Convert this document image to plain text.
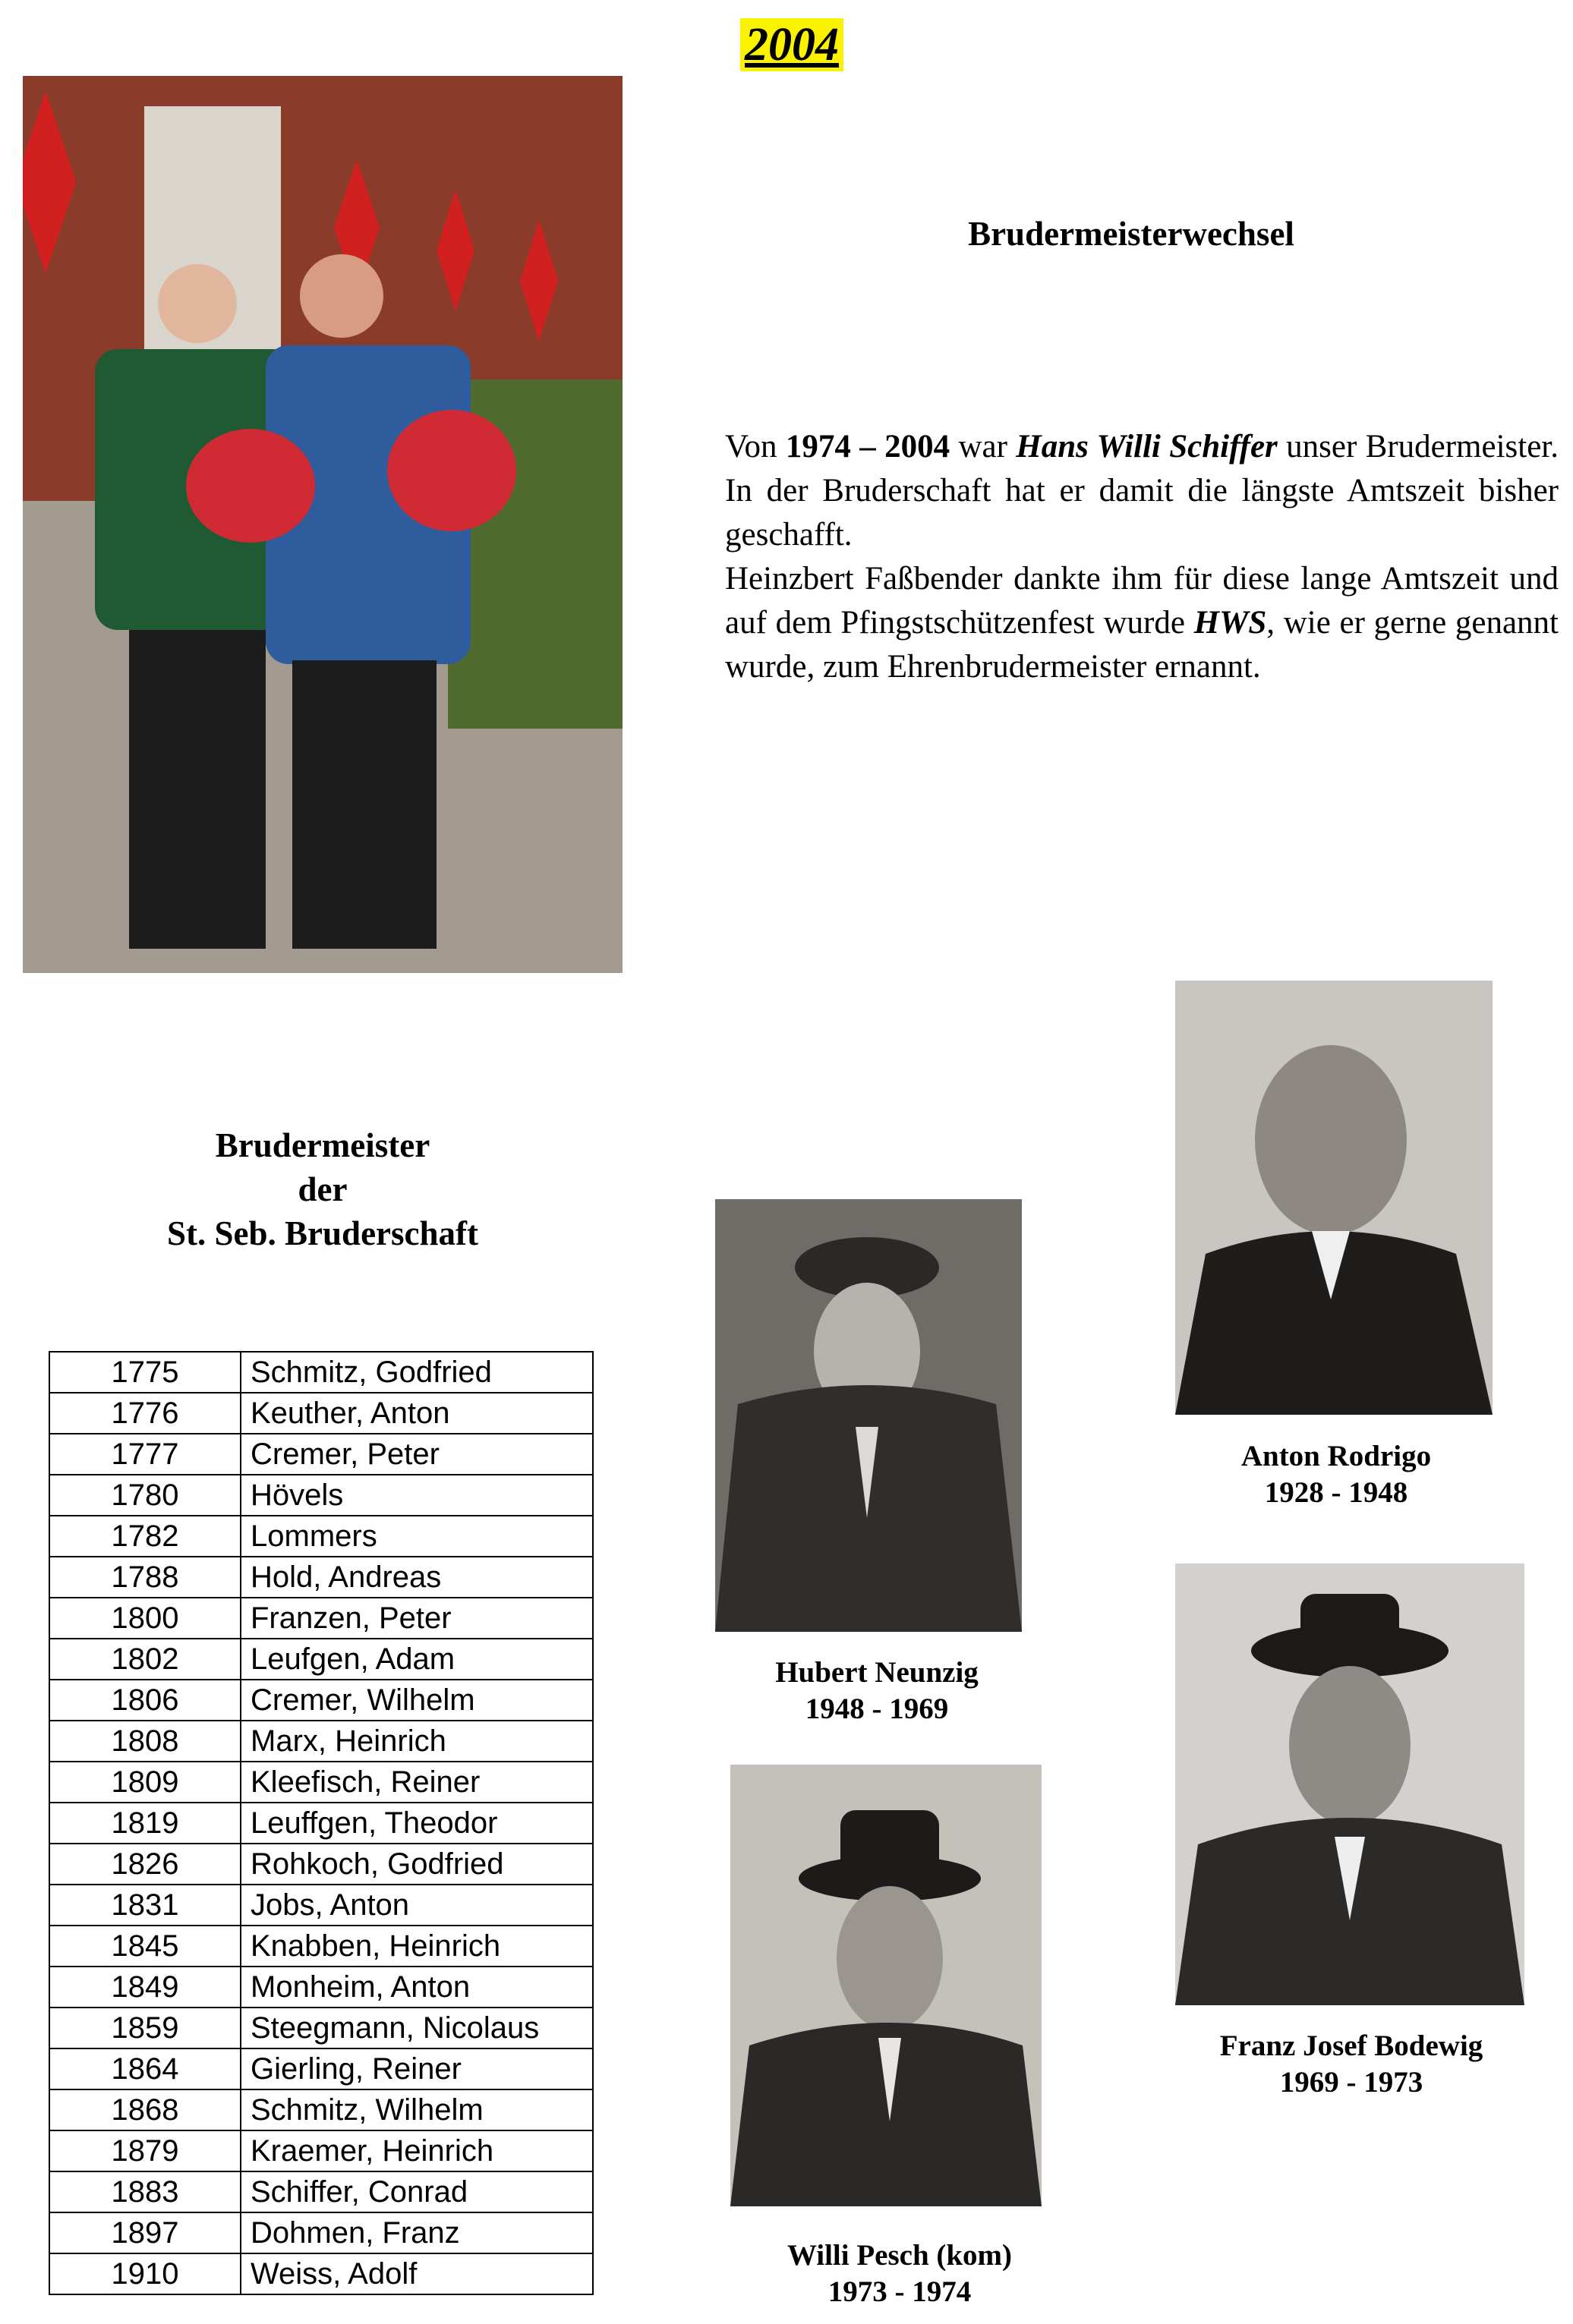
2004
Brudermeisterwechsel

Von 1974 – 2004 war Hans Willi Schiffer unser Brudermeister. In der Bruderschaft hat er damit die längste Amtszeit bisher geschafft.

Heinzbert Faßbender dankte ihm für diese lange Amtszeit und auf dem Pfingstschützenfest wurde HWS, wie er gerne genannt wurde, zum Ehrenbrudermeister ernannt.

Brudermeister
der
St. Seb. Bruderschaft
1775	Schmitz, Godfried
1776	Keuther, Anton
1777	Cremer, Peter
1780	Hövels
1782	Lommers
1788	Hold, Andreas
1800	Franzen, Peter
1802	Leufgen, Adam
1806	Cremer, Wilhelm
1808	Marx, Heinrich
1809	Kleefisch, Reiner
1819	Leuffgen, Theodor
1826	Rohkoch, Godfried
1831	Jobs, Anton
1845	Knabben, Heinrich
1849	Monheim, Anton
1859	Steegmann, Nicolaus
1864	Gierling, Reiner
1868	Schmitz, Wilhelm
1879	Kraemer, Heinrich
1883	Schiffer, Conrad
1897	Dohmen, Franz
1910	Weiss, Adolf
Anton Rodrigo
1928 - 1948
Hubert Neunzig
1948 - 1969
Franz Josef Bodewig
1969 - 1973
Willi Pesch (kom)
1973 - 1974
